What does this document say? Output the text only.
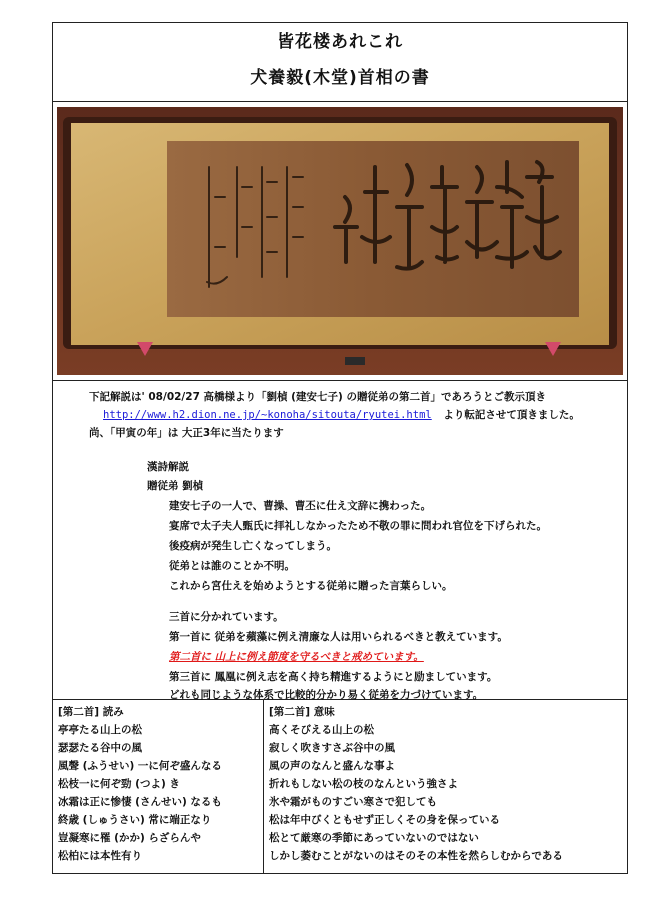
皆花楼あれこれ
犬養毅(木堂)首相の書
下記解説は' 08/02/27 高橋様より「劉楨 (建安七子) の贈従弟の第二首」であろうとご教示頂き
http://www.h2.dion.ne.jp/~konoha/sitouta/ryutei.html より転記させて頂きました。
尚、「甲寅の年」は 大正3年に当たります
漢詩解説
贈従弟 劉楨
建安七子の一人で、曹操、曹丕に仕え文辞に携わった。
宴席で太子夫人甄氏に拝礼しなかったため不敬の罪に問われ官位を下げられた。
後疫病が発生し亡くなってしまう。
従弟とは誰のことか不明。
これから宮仕えを始めようとする従弟に贈った言葉らしい。
三首に分かれています。
第一首に 従弟を蘋藻に例え清廉な人は用いられるべきと教えています。
第二首に 山上に例え節度を守るべきと戒めています。
第三首に 鳳凰に例え志を高く持ち精進するようにと励ましています。
どれも同じような体系で比較的分かり易く従弟を力づけています。
[第二首] 読み
亭亭たる山上の松
瑟瑟たる谷中の風
風聲 (ふうせい) 一に何ぞ盛んなる
松枝一に何ぞ勁 (つよ) き
冰霜は正に惨悽 (さんせい) なるも
終歳 (しゅうさい) 常に端正なり
豈凝寒に罹 (かか) らざらんや
松柏には本性有り
[第二首] 意味
高くそびえる山上の松
寂しく吹きすさぶ谷中の風
風の声のなんと盛んな事よ
折れもしない松の枝のなんという強さよ
氷や霜がものすごい寒さで犯しても
松は年中びくともせず正しくその身を保っている
松とて厳寒の季節にあっていないのではない
しかし萎むことがないのはそのその本性を然らしむからである
